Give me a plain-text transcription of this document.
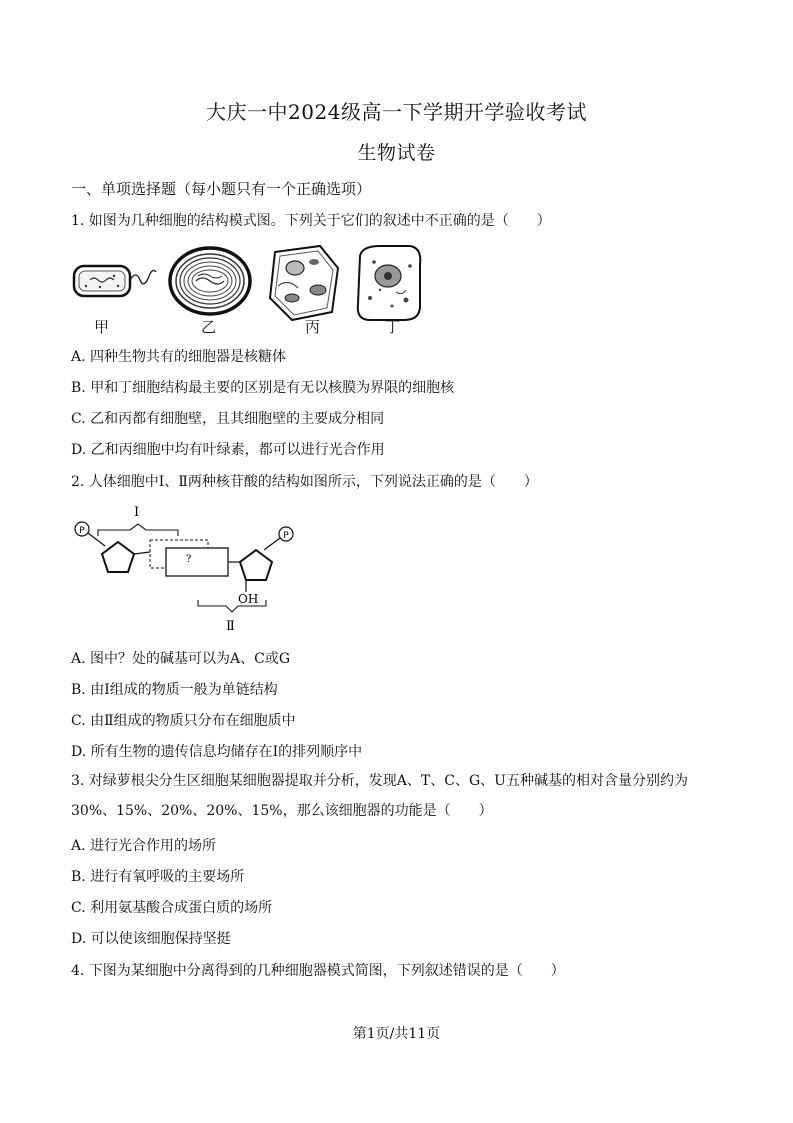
大庆一中2024级高一下学期开学验收考试
生物试卷
一、单项选择题（每小题只有一个正确选项）
1. 如图为几种细胞的结构模式图。下列关于它们的叙述中不正确的是（　　）
甲	乙	丙	丁
A. 四种生物共有的细胞器是核糖体
B. 甲和丁细胞结构最主要的区别是有无以核膜为界限的细胞核
C. 乙和丙都有细胞壁，且其细胞壁的主要成分相同
D. 乙和丙细胞中均有叶绿素，都可以进行光合作用
2. 人体细胞中Ⅰ、Ⅱ两种核苷酸的结构如图所示，下列说法正确的是（　　）
P
?
Ⅰ
P
OH
Ⅱ
A. 图中？处的碱基可以为A、C或G
B. 由Ⅰ组成的物质一般为单链结构
C. 由Ⅱ组成的物质只分布在细胞质中
D. 所有生物的遗传信息均储存在Ⅰ的排列顺序中
3. 对绿萝根尖分生区细胞某细胞器提取并分析，发现A、T、C、G、U五种碱基的相对含量分别约为30%、15%、20%、20%、15%，那么该细胞器的功能是（　　）
A. 进行光合作用的场所
B. 进行有氧呼吸的主要场所
C. 利用氨基酸合成蛋白质的场所
D. 可以使该细胞保持坚挺
4. 下图为某细胞中分离得到的几种细胞器模式简图，下列叙述错误的是（　　）
第1页/共11页
